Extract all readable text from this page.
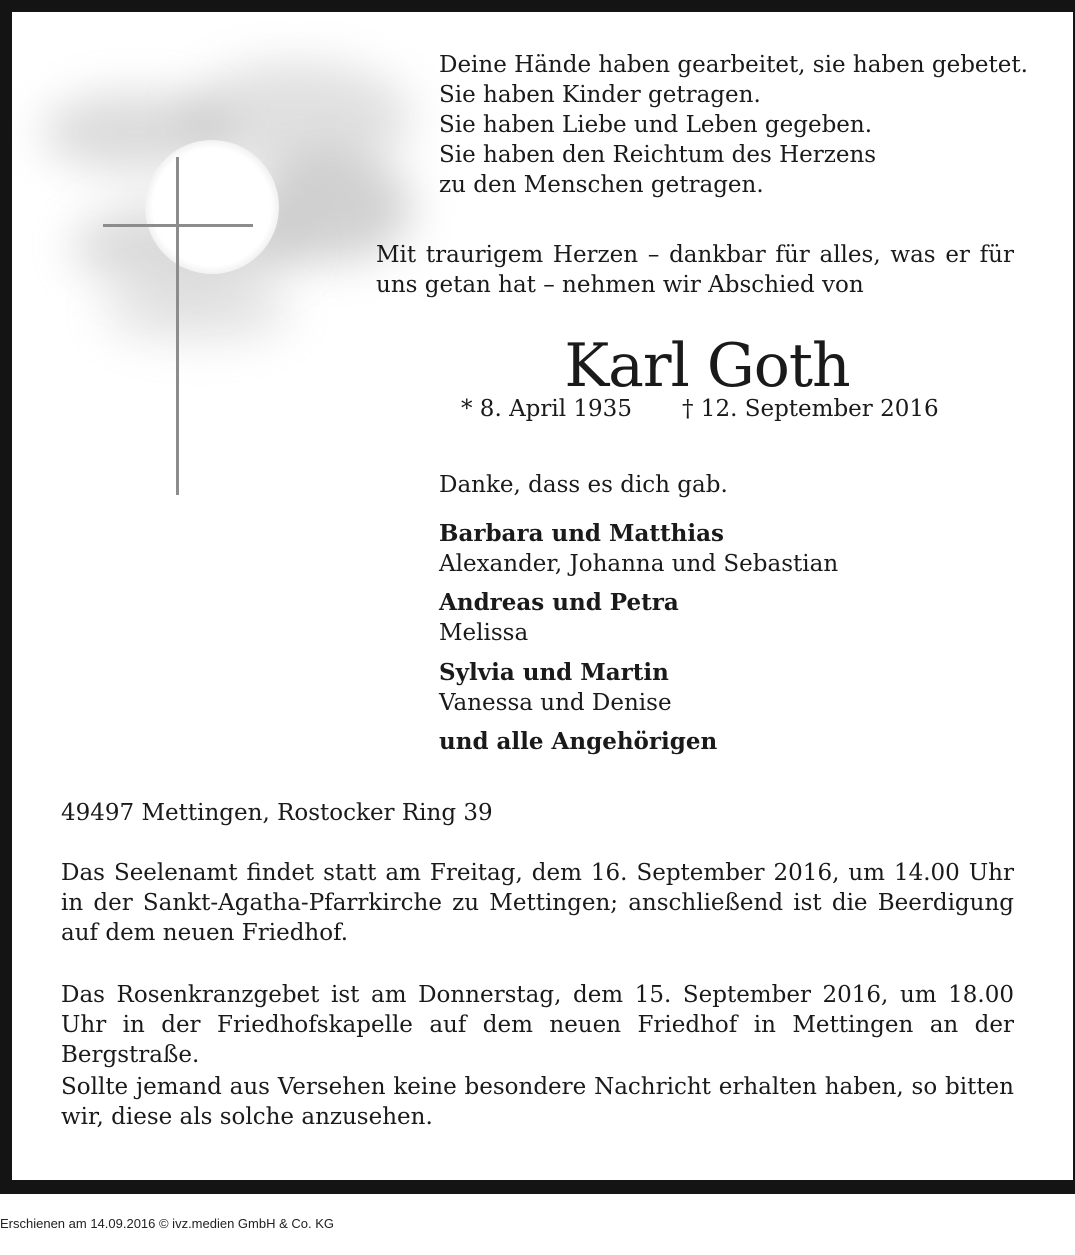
Deine Hände haben gearbeitet, sie haben gebetet.
Sie haben Kinder getragen.
Sie haben Liebe und Leben gegeben.
Sie haben den Reichtum des Herzens
zu den Menschen getragen.
Mit traurigem Herzen – dankbar für alles, was er für uns getan hat – nehmen wir Abschied von
Karl Goth
* 8. April 1935 † 12. September 2016
Danke, dass es dich gab.
Barbara und Matthias
Alexander, Johanna und Sebastian
Andreas und Petra
Melissa
Sylvia und Martin
Vanessa und Denise
und alle Angehörigen
49497 Mettingen, Rostocker Ring 39
Das Seelenamt findet statt am Freitag, dem 16. September 2016, um 14.00 Uhr in der Sankt-Agatha-Pfarrkirche zu Mettingen; anschließend ist die Beerdigung auf dem neuen Friedhof.
Das Rosenkranzgebet ist am Donnerstag, dem 15. September 2016, um 18.00 Uhr in der Friedhofskapelle auf dem neuen Friedhof in Mettingen an der Bergstraße.
Sollte jemand aus Versehen keine besondere Nachricht erhalten haben, so bitten wir, diese als solche anzusehen.
Erschienen am 14.09.2016 © ivz.medien GmbH & Co. KG
